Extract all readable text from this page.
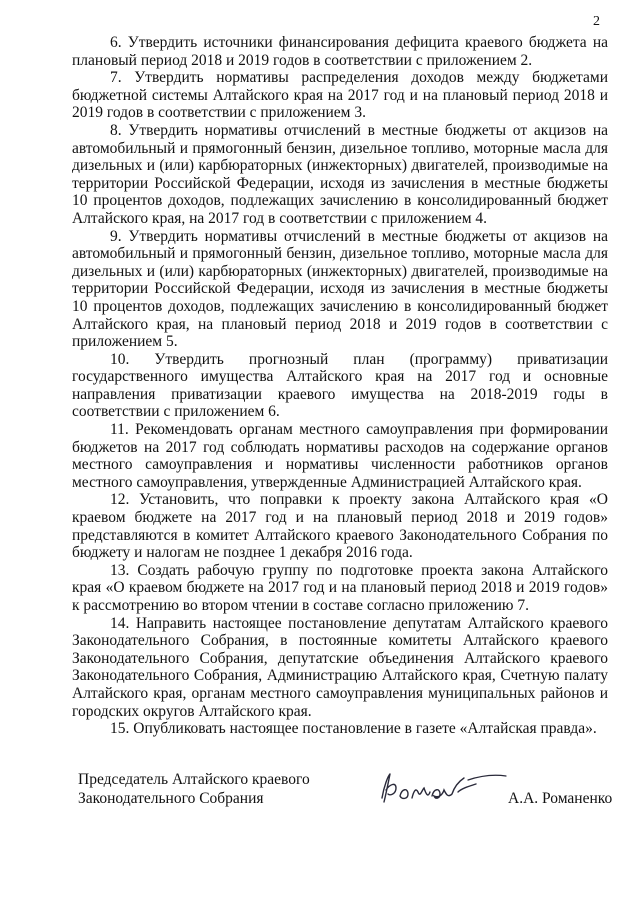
2

6. Утвердить источники финансирования дефицита краевого бюджета на плановый период 2018 и 2019 годов в соответствии с приложением 2.

7. Утвердить нормативы распределения доходов между бюджетами бюджетной системы Алтайского края на 2017 год и на плановый период 2018 и 2019 годов в соответствии с приложением 3.

8. Утвердить нормативы отчислений в местные бюджеты от акцизов на автомобильный и прямогонный бензин, дизельное топливо, моторные масла для дизельных и (или) карбюраторных (инжекторных) двигателей, производимые на территории Российской Федерации, исходя из зачисления в местные бюджеты 10 процентов доходов, подлежащих зачислению в консолидированный бюджет Алтайского края, на 2017 год в соответствии с приложением 4.

9. Утвердить нормативы отчислений в местные бюджеты от акцизов на автомобильный и прямогонный бензин, дизельное топливо, моторные масла для дизельных и (или) карбюраторных (инжекторных) двигателей, производимые на территории Российской Федерации, исходя из зачисления в местные бюджеты 10 процентов доходов, подлежащих зачислению в консолидированный бюджет Алтайского края, на плановый период 2018 и 2019 годов в соответствии с приложением 5.

10. Утвердить прогнозный план (программу) приватизации государственного имущества Алтайского края на 2017 год и основные направления приватизации краевого имущества на 2018-2019 годы в соответствии с приложением 6.

11. Рекомендовать органам местного самоуправления при формировании бюджетов на 2017 год соблюдать нормативы расходов на содержание органов местного самоуправления и нормативы численности работников органов местного самоуправления, утвержденные Администрацией Алтайского края.

12. Установить, что поправки к проекту закона Алтайского края «О краевом бюджете на 2017 год и на плановый период 2018 и 2019 годов» представляются в комитет Алтайского краевого Законодательного Собрания по бюджету и налогам не позднее 1 декабря 2016 года.

13. Создать рабочую группу по подготовке проекта закона Алтайского края «О краевом бюджете на 2017 год и на плановый период 2018 и 2019 годов» к рассмотрению во втором чтении в составе согласно приложению 7.

14. Направить настоящее постановление депутатам Алтайского краевого Законодательного Собрания, в постоянные комитеты Алтайского краевого Законодательного Собрания, депутатские объединения Алтайского краевого Законодательного Собрания, Администрацию Алтайского края, Счетную палату Алтайского края, органам местного самоуправления муниципальных районов и городских округов Алтайского края.

15. Опубликовать настоящее постановление в газете «Алтайская правда».

Председатель Алтайского краевого
Законодательного Собрания	А.А. Романенко
